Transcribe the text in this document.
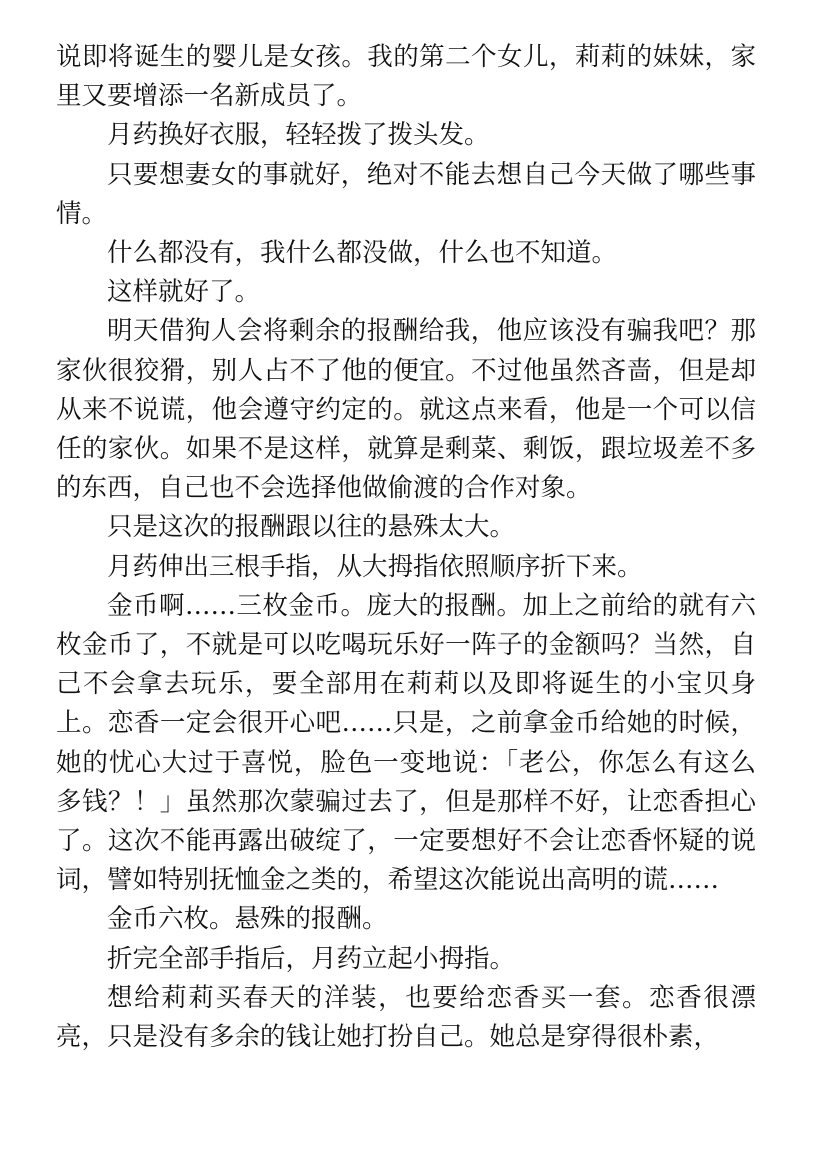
说即将诞生的婴儿是女孩。我的第二个女儿，莉莉的妹妹，家里又要增添一名新成员了。

月药换好衣服，轻轻拨了拨头发。

只要想妻女的事就好，绝对不能去想自己今天做了哪些事情。

什么都没有，我什么都没做，什么也不知道。

这样就好了。

明天借狗人会将剩余的报酬给我，他应该没有骗我吧？那家伙很狡猾，别人占不了他的便宜。不过他虽然吝啬，但是却从来不说谎，他会遵守约定的。就这点来看，他是一个可以信任的家伙。如果不是这样，就算是剩菜、剩饭，跟垃圾差不多的东西，自己也不会选择他做偷渡的合作对象。

只是这次的报酬跟以往的悬殊太大。

月药伸出三根手指，从大拇指依照顺序折下来。

金币啊……三枚金币。庞大的报酬。加上之前给的就有六枚金币了，不就是可以吃喝玩乐好一阵子的金额吗？当然，自己不会拿去玩乐，要全部用在莉莉以及即将诞生的小宝贝身上。恋香一定会很开心吧……只是，之前拿金币给她的时候，她的忧心大过于喜悦，脸色一变地说：「老公，你怎么有这么多钱？！」虽然那次蒙骗过去了，但是那样不好，让恋香担心了。这次不能再露出破绽了，一定要想好不会让恋香怀疑的说词，譬如特别抚恤金之类的，希望这次能说出高明的谎……

金币六枚。悬殊的报酬。

折完全部手指后，月药立起小拇指。

想给莉莉买春天的洋装，也要给恋香买一套。恋香很漂亮，只是没有多余的钱让她打扮自己。她总是穿得很朴素，
